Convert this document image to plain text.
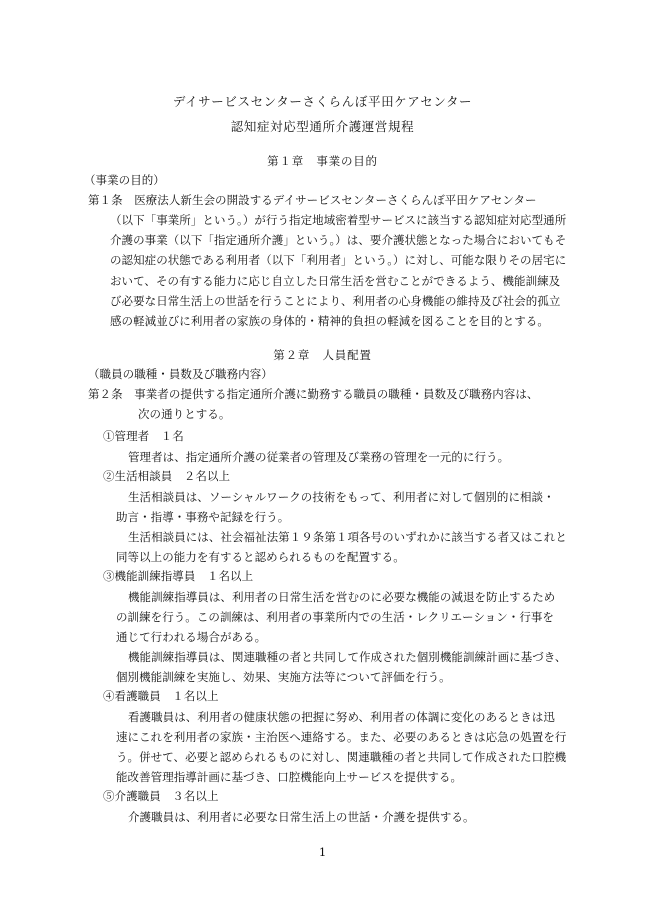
デイサービスセンターさくらんぼ平田ケアセンター
認知症対応型通所介護運営規程
第１章　事業の目的
（事業の目的）
第１条　医療法人新生会の開設するデイサービスセンターさくらんぼ平田ケアセンター
（以下「事業所」という。）が行う指定地域密着型サービスに該当する認知症対応型通所
介護の事業（以下「指定通所介護」という。）は、要介護状態となった場合においてもそ
の認知症の状態である利用者（以下「利用者」という。）に対し、可能な限りその居宅に
おいて、その有する能力に応じ自立した日常生活を営むことができるよう、機能訓練及
び必要な日常生活上の世話を行うことにより、利用者の心身機能の維持及び社会的孤立
感の軽減並びに利用者の家族の身体的・精神的負担の軽減を図ることを目的とする。
第２章　人員配置
（職員の職種・員数及び職務内容）
第２条　事業者の提供する指定通所介護に勤務する職員の職種・員数及び職務内容は、
次の通りとする。
①管理者　１名
管理者は、指定通所介護の従業者の管理及び業務の管理を一元的に行う。
②生活相談員　２名以上
生活相談員は、ソーシャルワークの技術をもって、利用者に対して個別的に相談・
助言・指導・事務や記録を行う。
生活相談員には、社会福祉法第１９条第１項各号のいずれかに該当する者又はこれと
同等以上の能力を有すると認められるものを配置する。
③機能訓練指導員　１名以上
機能訓練指導員は、利用者の日常生活を営むのに必要な機能の減退を防止するため
の訓練を行う。この訓練は、利用者の事業所内での生活・レクリエーション・行事を
通じて行われる場合がある。
機能訓練指導員は、関連職種の者と共同して作成された個別機能訓練計画に基づき、
個別機能訓練を実施し、効果、実施方法等について評価を行う。
④看護職員　１名以上
看護職員は、利用者の健康状態の把握に努め、利用者の体調に変化のあるときは迅
速にこれを利用者の家族・主治医へ連絡する。また、必要のあるときは応急の処置を行
う。併せて、必要と認められるものに対し、関連職種の者と共同して作成された口腔機
能改善管理指導計画に基づき、口腔機能向上サービスを提供する。
⑤介護職員　３名以上
介護職員は、利用者に必要な日常生活上の世話・介護を提供する。
1
